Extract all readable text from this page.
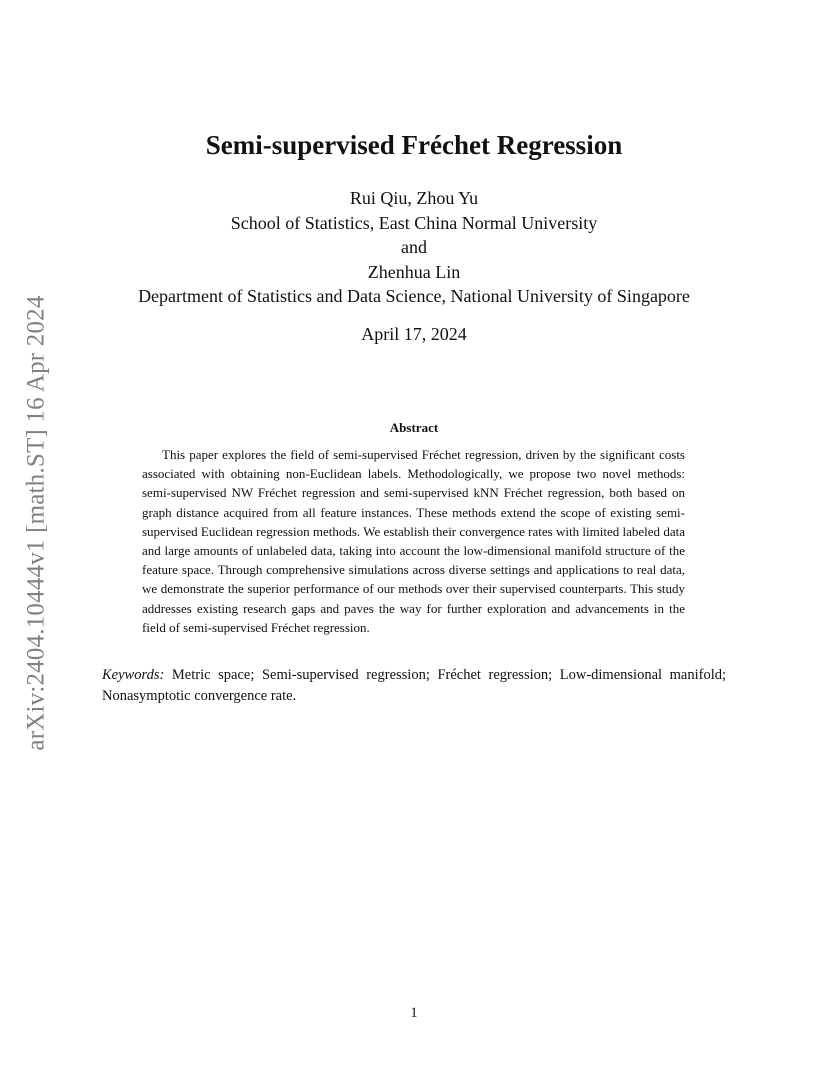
arXiv:2404.10444v1 [math.ST] 16 Apr 2024
Semi-supervised Fréchet Regression
Rui Qiu, Zhou Yu
School of Statistics, East China Normal University
and
Zhenhua Lin
Department of Statistics and Data Science, National University of Singapore
April 17, 2024
Abstract

This paper explores the field of semi-supervised Fréchet regression, driven by the significant costs associated with obtaining non-Euclidean labels. Methodologically, we propose two novel methods: semi-supervised NW Fréchet regression and semi-supervised kNN Fréchet regression, both based on graph distance acquired from all feature instances. These methods extend the scope of existing semi-supervised Euclidean regression methods. We establish their convergence rates with limited labeled data and large amounts of unlabeled data, taking into account the low-dimensional manifold structure of the feature space. Through comprehensive simulations across diverse settings and applications to real data, we demonstrate the superior performance of our methods over their supervised counterparts. This study addresses existing research gaps and paves the way for further exploration and advancements in the field of semi-supervised Fréchet regression.

Keywords: Metric space; Semi-supervised regression; Fréchet regression; Low-dimensional manifold; Nonasymptotic convergence rate.

1
